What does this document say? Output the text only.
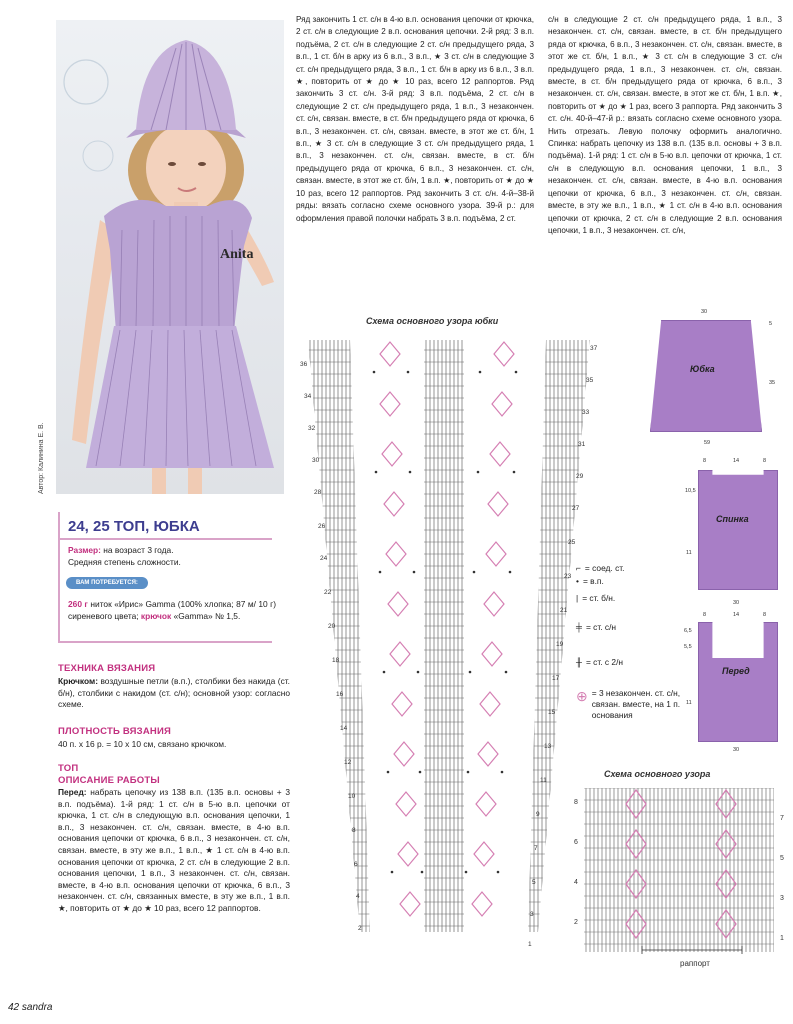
Anita
Автор: Калинина Е. В.
Ряд закончить 1 ст. с/н в 4-ю в.п. основания цепочки от крючка, 2 ст. с/н в следующие 2 в.п. основания цепочки. 2-й ряд: 3 в.п. подъёма, 2 ст. с/н в следующие 2 ст. с/н предыдущего ряда, 3 в.п., 1 ст. б/н в арку из 6 в.п., 3 в.п., ★ 3 ст. с/н в следующие 3 ст. с/н предыдущего ряда, 3 в.п., 1 ст. б/н в арку из 6 в.п., 3 в.п. ★, повторить от ★ до ★ 10 раз, всего 12 раппортов. Ряд закончить 3 ст. с/н. 3-й ряд: 3 в.п. подъёма, 2 ст. с/н в следующие 2 ст. с/н предыдущего ряда, 1 в.п., 3 незакончен. ст. с/н, связан. вместе, в ст. б/н предыдущего ряда от крючка, 6 в.п., 3 незакончен. ст. с/н, связан. вместе, в этот же ст. б/н, 1 в.п., ★ 3 ст. с/н в следующие 3 ст. с/н предыдущего ряда, 1 в.п., 3 незакончен. ст. с/н, связан. вместе, в ст. б/н предыдущего ряда от крючка, 6 в.п., 3 незакончен. ст. с/н, связан. вместе, в этот же ст. б/н, 1 в.п. ★, повторить от ★ до ★ 10 раз, всего 12 раппортов. Ряд закончить 3 ст. с/н. 4-й–38-й ряды: вязать согласно схеме основного узора. 39-й р.: для оформления правой полочки набрать 3 в.п. подъёма, 2 ст.
с/н в следующие 2 ст. с/н предыдущего ряда, 1 в.п., 3 незакончен. ст. с/н, связан. вместе, в ст. б/н предыдущего ряда от крючка, 6 в.п., 3 незакончен. ст. с/н, связан. вместе, в этот же ст. б/н, 1 в.п., ★ 3 ст. с/н в следующие 3 ст. с/н предыдущего ряда, 1 в.п., 3 незакончен. ст. с/н, связан. вместе, в ст. б/н предыдущего ряда от крючка, 6 в.п., 3 незакончен. ст. с/н, связан. вместе, в этот же ст. б/н, 1 в.п. ★, повторить от ★ до ★ 1 раз, всего 3 раппорта. Ряд закончить 3 ст. с/н. 40-й–47-й р.: вязать согласно схеме основного узора. Нить отрезать. Левую полочку оформить аналогично. Спинка: набрать цепочку из 138 в.п. (135 в.п. основы + 3 в.п. подъёма). 1-й ряд: 1 ст. с/н в 5-ю в.п. цепочки от крючка, 1 ст. с/н в следующую в.п. основания цепочки, 1 в.п., 3 незакончен. ст. с/н, связан. вместе, в 4-ю в.п. основания цепочки от крючка, 6 в.п., 3 незакончен. ст. с/н, связан. вместе, в эту же в.п., 1 в.п., ★ 1 ст. с/н в 4-ю в.п. основания цепочки от крючка, 2 ст. с/н в следующие 2 в.п. основания цепочки, 1 в.п., 3 незакончен. ст. с/н,
24, 25 ТОП, ЮБКА
Размер: на возраст 3 года.
Средняя степень сложности.
ВАМ ПОТРЕБУЕТСЯ:
260 г ниток «Ирис» Gamma (100% хлопка; 87 м/ 10 г) сиреневого цвета; крючок «Gamma» № 1,5.
ТЕХНИКА ВЯЗАНИЯ
Крючком: воздушные петли (в.п.), столбики без накида (ст. б/н), столбики с накидом (ст. с/н); основной узор: согласно схеме.
ПЛОТНОСТЬ ВЯЗАНИЯ
40 п. х 16 р. = 10 х 10 см, связано крючком.
ТОП
ОПИСАНИЕ РАБОТЫ
Перед: набрать цепочку из 138 в.п. (135 в.п. основы + 3 в.п. подъёма). 1-й ряд: 1 ст. с/н в 5-ю в.п. цепочки от крючка, 1 ст. с/н в следующую в.п. основания цепочки, 1 в.п., 3 незакончен. ст. с/н, связан. вместе, в 4-ю в.п. основания цепочки от крючка, 6 в.п., 3 незакончен. ст. с/н, связан. вместе, в эту же в.п., 1 в.п., ★ 1 ст. с/н в 4-ю в.п. основания цепочки от крючка, 2 ст. с/н в следующие 2 в.п. основания цепочки, 1 в.п., 3 незакончен. ст. с/н, связан. вместе, в 4-ю в.п. основания цепочки от крючка, 6 в.п., 3 незакончен. ст. с/н, связанных вместе, в эту же в.п., 1 в.п. ★, повторить от ★ до ★ 10 раз, всего 12 раппортов.
Схема основного узора юбки
36
34
32
30
28
26
24
22
20
18
16
14
12
10
8
6
4
2
37
35
33
31
29
27
25
23
21
19
17
15
13
11
9
7
5
3
1
⌐ = соед. ст.
• = в.п.
| = ст. б/н.
╪ = ст. с/н
╫ = ст. с 2/н
⊕ = 3 незакончен. ст. с/н, связан. вместе, на 1 п. основания
30
Юбка
59
5
35
8	14	8
Спинка
10,5
11
30
8	14	8
Перед
6,5
5,5
11
30
Схема основного узора
8
6
4
2
7
5
3
1
раппорт
42 sandra
